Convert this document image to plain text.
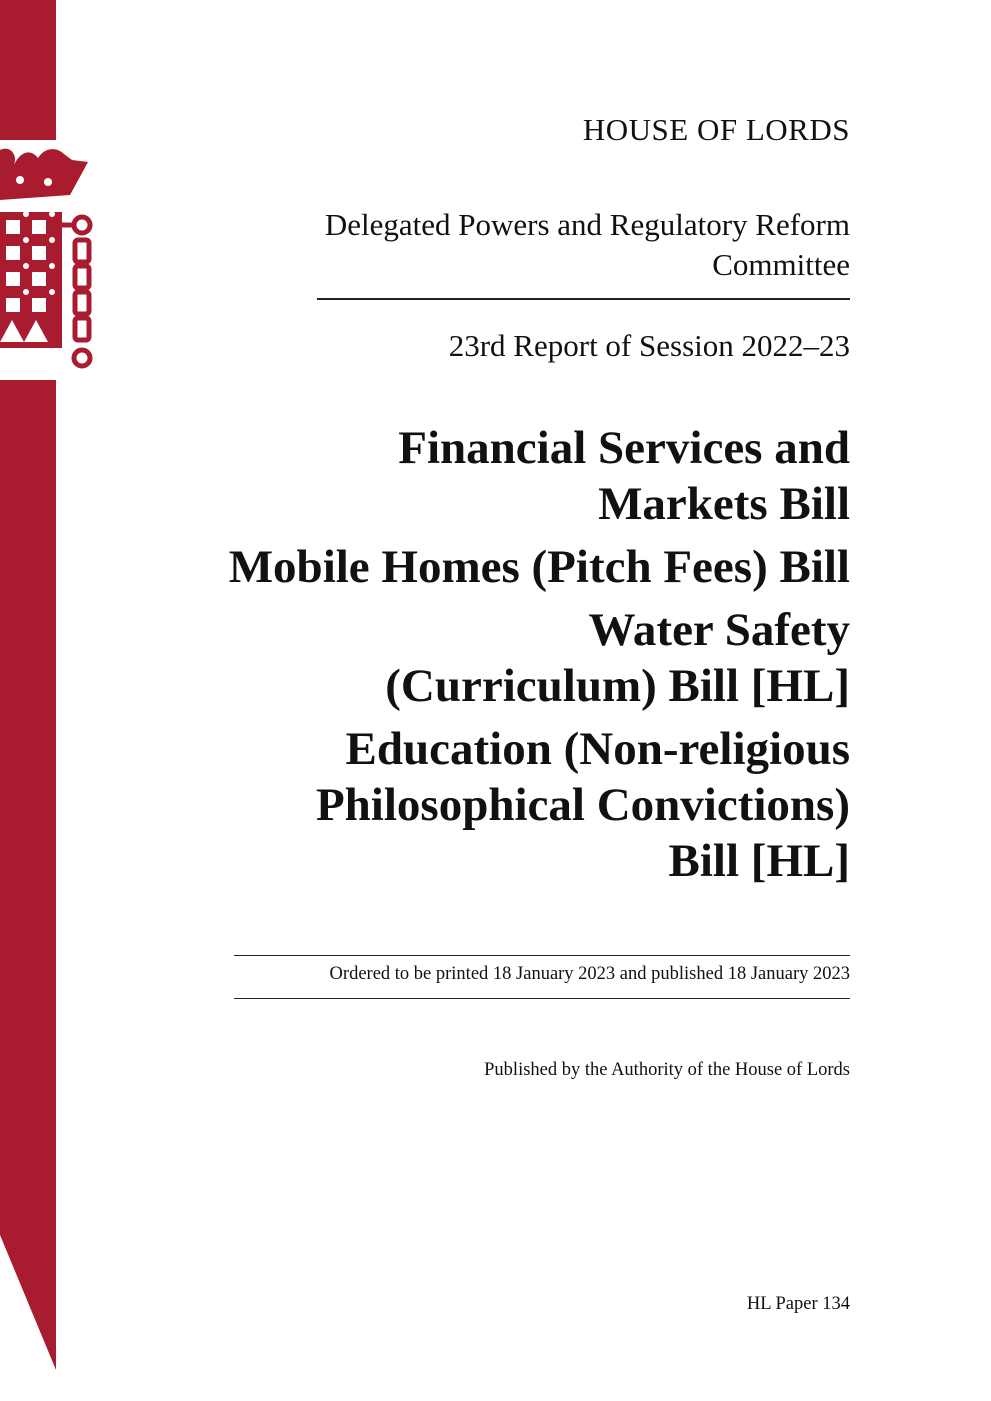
HOUSE OF LORDS
Delegated Powers and Regulatory Reform
Committee
23rd Report of Session 2022–23
Financial Services and
Markets Bill
Mobile Homes (Pitch Fees) Bill
Water Safety
(Curriculum) Bill [HL]
Education (Non-religious
Philosophical Convictions)
Bill [HL]
Ordered to be printed 18 January 2023 and published 18 January 2023
Published by the Authority of the House of Lords
HL Paper 134
